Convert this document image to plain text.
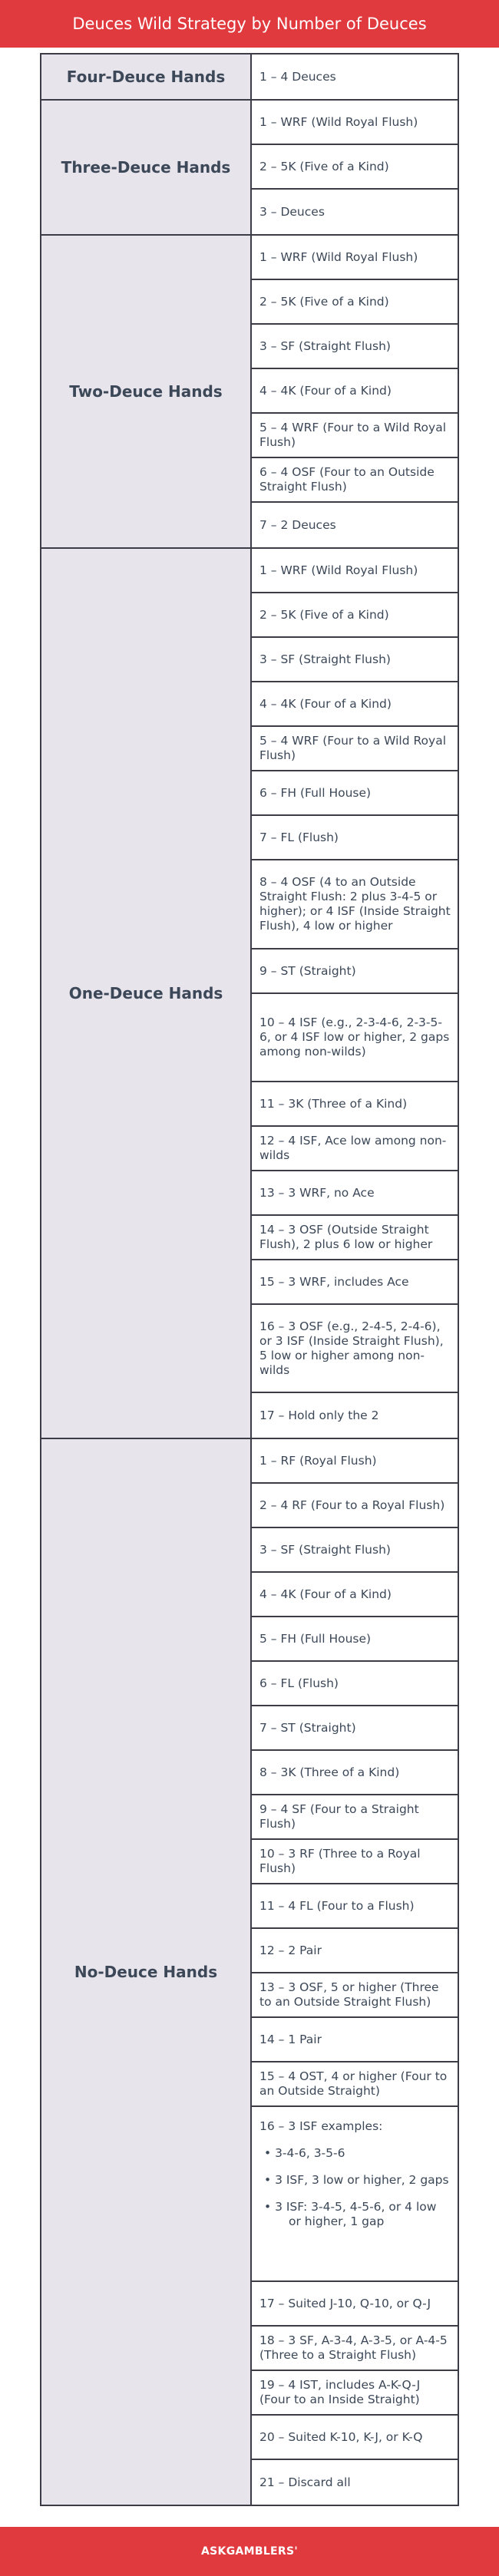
Deuces Wild Strategy by Number of Deuces
Four-Deuce Hands	1 – 4 Deuces
Three-Deuce Hands
1 – WRF (Wild Royal Flush)
2 – 5K (Five of a Kind)
3 – Deuces
Two-Deuce Hands
1 – WRF (Wild Royal Flush)
2 – 5K (Five of a Kind)
3 – SF (Straight Flush)
4 – 4K (Four of a Kind)
5 – 4 WRF (Four to a Wild Royal Flush)
6 – 4 OSF (Four to an Outside Straight Flush)
7 – 2 Deuces
One-Deuce Hands
1 – WRF (Wild Royal Flush)
2 – 5K (Five of a Kind)
3 – SF (Straight Flush)
4 – 4K (Four of a Kind)
5 – 4 WRF (Four to a Wild Royal Flush)
6 – FH (Full House)
7 – FL (Flush)
8 – 4 OSF (4 to an Outside Straight Flush: 2 plus 3-4-5 or higher); or 4 ISF (Inside Straight Flush), 4 low or higher
9 – ST (Straight)
10 – 4 ISF (e.g., 2-3-4-6, 2-3-5-6, or 4 ISF low or higher, 2 gaps among non-wilds)
11 – 3K (Three of a Kind)
12 – 4 ISF, Ace low among non-wilds
13 – 3 WRF, no Ace
14 – 3 OSF (Outside Straight Flush), 2 plus 6 low or higher
15 – 3 WRF, includes Ace
16 – 3 OSF (e.g., 2-4-5, 2-4-6), or 3 ISF (Inside Straight Flush), 5 low or higher among non-wilds
17 – Hold only the 2
No-Deuce Hands
1 – RF (Royal Flush)
2 – 4 RF (Four to a Royal Flush)
3 – SF (Straight Flush)
4 – 4K (Four of a Kind)
5 – FH (Full House)
6 – FL (Flush)
7 – ST (Straight)
8 – 3K (Three of a Kind)
9 – 4 SF (Four to a Straight Flush)
10 – 3 RF (Three to a Royal Flush)
11 – 4 FL (Four to a Flush)
12 – 2 Pair
13 – 3 OSF, 5 or higher (Three to an Outside Straight Flush)
14 – 1 Pair
15 – 4 OST, 4 or higher (Four to an Outside Straight)
16 – 3 ISF examples:
• 3-4-6, 3-5-6
• 3 ISF, 3 low or higher, 2 gaps
• 3 ISF: 3-4-5, 4-5-6, or 4 low
or higher, 1 gap
17 – Suited J-10, Q-10, or Q-J
18 – 3 SF, A-3-4, A-3-5, or A-4-5 (Three to a Straight Flush)
19 – 4 IST, includes A-K-Q-J (Four to an Inside Straight)
20 – Suited K-10, K-J, or K-Q
21 – Discard all
ASKGAMBLERS'
